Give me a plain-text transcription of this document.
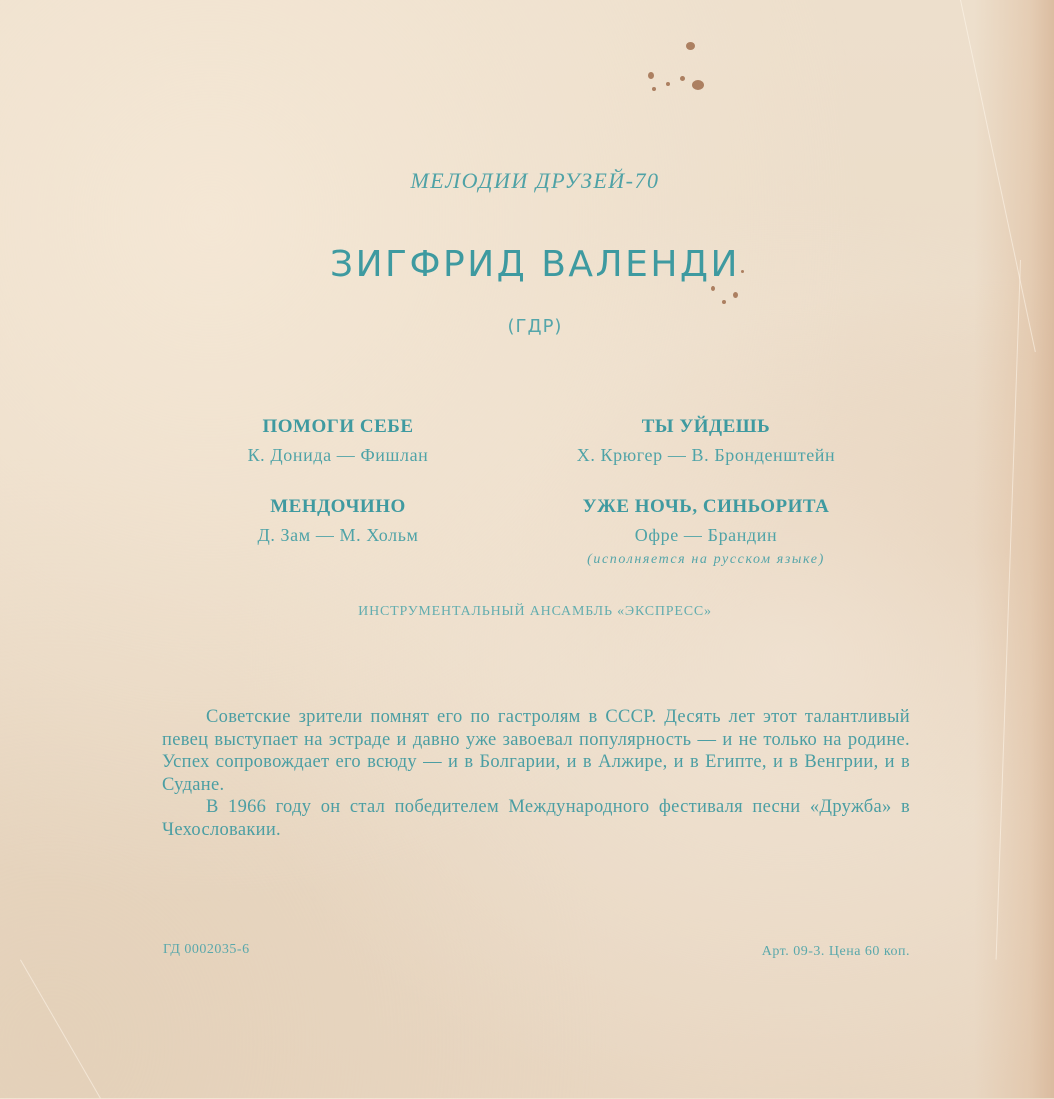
МЕЛОДИИ ДРУЗЕЙ-70
ЗИГФРИД ВАЛЕНДИ
(ГДР)
ПОМОГИ СЕБЕ
К. Донида — Фишлан
ТЫ УЙДЕШЬ
Х. Крюгер — В. Бронденштейн
МЕНДОЧИНО
Д. Зам — М. Хольм
УЖЕ НОЧЬ, СИНЬОРИТА
Офре — Брандин
(исполняется на русском языке)
ИНСТРУМЕНТАЛЬНЫЙ АНСАМБЛЬ «ЭКСПРЕСС»

Советские зрители помнят его по гастролям в СССР. Десять лет этот талантливый певец выступает на эстраде и давно уже завоевал популярность — и не только на родине. Успех сопровождает его всюду — и в Болгарии, и в Алжире, и в Египте, и в Венгрии, и в Судане.

В 1966 году он стал победителем Международного фестиваля песни «Дружба» в Чехословакии.

ГД 0002035-6	Арт. 09-3. Цена 60 коп.
